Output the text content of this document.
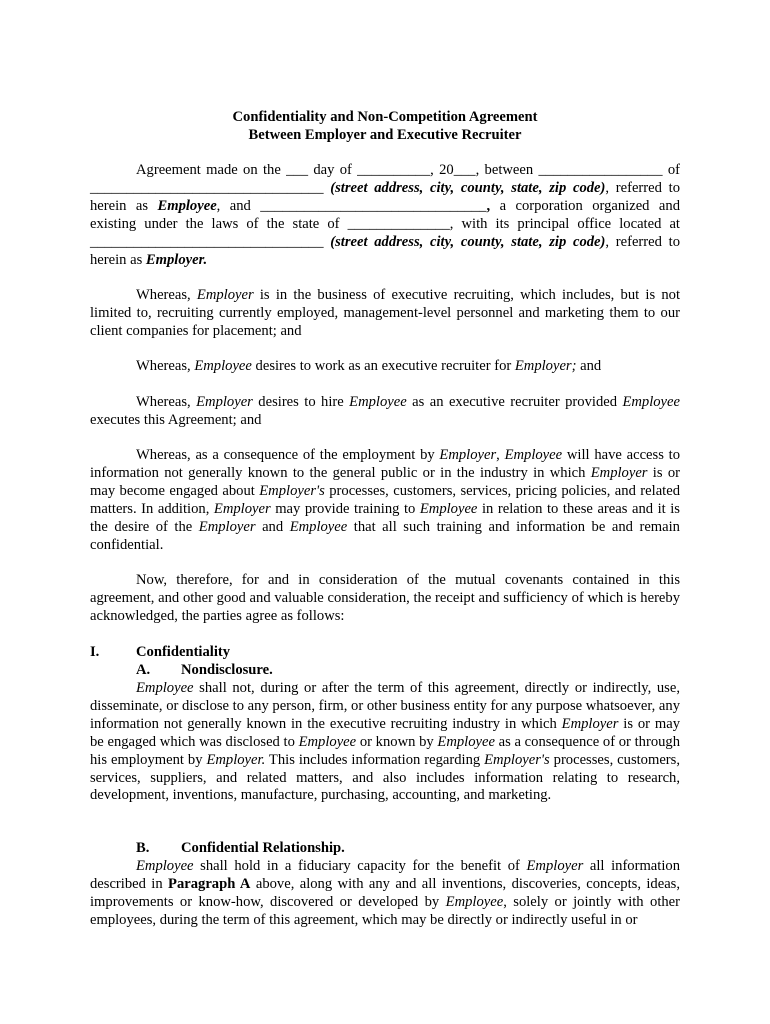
Confidentiality and Non-Competition Agreement
Between Employer and Executive Recruiter

Agreement made on the ___ day of __________, 20___, between _________________ of ________________________________ (street address, city, county, state, zip code), referred to herein as Employee, and _______________________________, a corporation organized and existing under the laws of the state of ______________, with its principal office located at ________________________________ (street address, city, county, state, zip code), referred to herein as Employer.

Whereas, Employer is in the business of executive recruiting, which includes, but is not limited to, recruiting currently employed, management-level personnel and marketing them to our client companies for placement; and

Whereas, Employee desires to work as an executive recruiter for Employer; and

Whereas, Employer desires to hire Employee as an executive recruiter provided Employee executes this Agreement; and

Whereas, as a consequence of the employment by Employer, Employee will have access to information not generally known to the general public or in the industry in which Employer is or may become engaged about Employer's processes, customers, services, pricing policies, and related matters. In addition, Employer may provide training to Employee in relation to these areas and it is the desire of the Employer and Employee that all such training and information be and remain confidential.

Now, therefore, for and in consideration of the mutual covenants contained in this agreement, and other good and valuable consideration, the receipt and sufficiency of which is hereby acknowledged, the parties agree as follows:

I.	Confidentiality
A. Nondisclosure.

Employee shall not, during or after the term of this agreement, directly or indirectly, use, disseminate, or disclose to any person, firm, or other business entity for any purpose whatsoever, any information not generally known in the executive recruiting industry in which Employer is or may be engaged which was disclosed to Employee or known by Employee as a consequence of or through his employment by Employer. This includes information regarding Employer's processes, customers, services, suppliers, and related matters, and also includes information relating to research, development, inventions, manufacture, purchasing, accounting, and marketing.

B. Confidential Relationship.

Employee shall hold in a fiduciary capacity for the benefit of Employer all information described in Paragraph A above, along with any and all inventions, discoveries, concepts, ideas, improvements or know-how, discovered or developed by Employee, solely or jointly with other employees, during the term of this agreement, which may be directly or indirectly useful in or
